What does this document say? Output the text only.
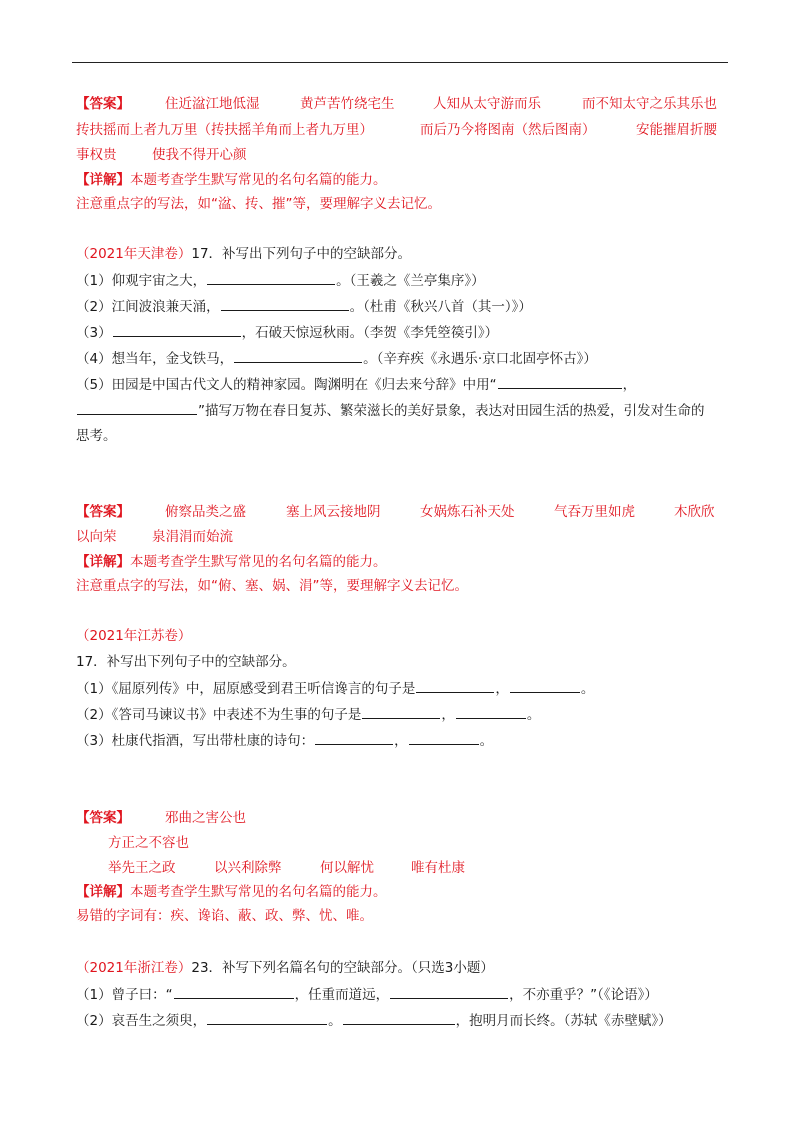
【答案】	住近湓江地低湿	黄芦苦竹绕宅生	人知从太守游而乐	而不知太守之乐其乐也
抟扶摇而上者九万里（抟扶摇羊角而上者九万里）	而后乃今将图南（然后图南）	安能摧眉折腰
事权贵	使我不得开心颜
【详解】本题考查学生默写常见的名句名篇的能力。
注意重点字的写法，如“湓、抟、摧”等，要理解字义去记忆。
（2021年天津卷）17．补写出下列句子中的空缺部分。
（1）仰观宇宙之大，	。（王羲之《兰亭集序》）
（2）江间波浪兼天涌，	。（杜甫《秋兴八首（其一）》）
（3）	，石破天惊逗秋雨。（李贺《李凭箜篌引》）
（4）想当年，金戈铁马，	。（辛弃疾《永遇乐·京口北固亭怀古》）
（5）田园是中国古代文人的精神家园。陶渊明在《归去来兮辞》中用“	，
”描写万物在春日复苏、繁荣滋长的美好景象，表达对田园生活的热爱，引发对生命的
思考。
【答案】	俯察品类之盛	塞上风云接地阴	女娲炼石补天处	气吞万里如虎	木欣欣
以向荣	泉涓涓而始流
【详解】本题考查学生默写常见的名句名篇的能力。
注意重点字的写法，如“俯、塞、娲、涓”等，要理解字义去记忆。
（2021年江苏卷）
17．补写出下列句子中的空缺部分。
（1）《屈原列传》中，屈原感受到君王听信谗言的句子是	，	。
（2）《答司马谏议书》中表述不为生事的句子是	，	。
（3）杜康代指酒，写出带杜康的诗句：	，	。
【答案】	邪曲之害公也
方正之不容也
举先王之政	以兴利除弊	何以解忧	唯有杜康
【详解】本题考查学生默写常见的名句名篇的能力。
易错的字词有：疾、谗谄、蔽、政、弊、忧、唯。
（2021年浙江卷）23．补写下列名篇名句的空缺部分。（只选3小题）
（1）曾子曰：“	，任重而道远，	，不亦重乎？”（《论语》）
（2）哀吾生之须臾，	。	，抱明月而长终。（苏轼《赤壁赋》）
